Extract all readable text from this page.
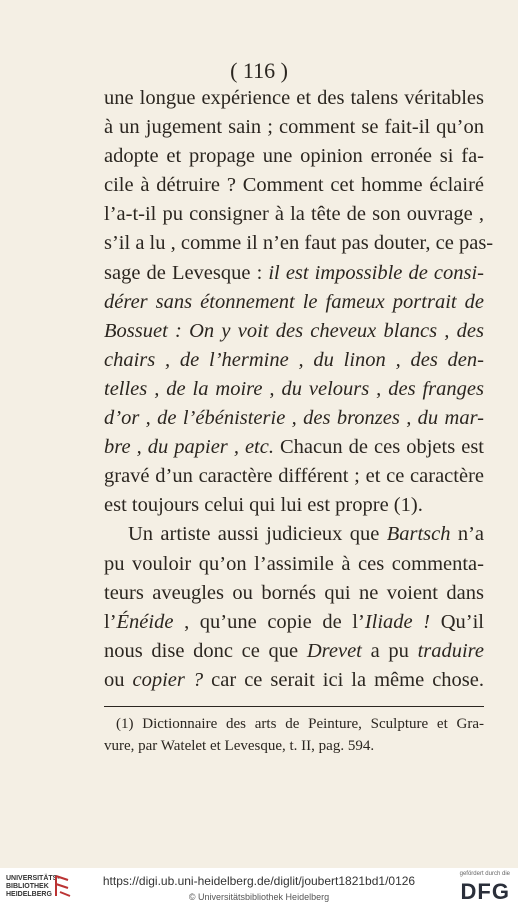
( 116 )
une longue expérience et des talens véritables
à un jugement sain ; comment se fait-il qu’on
adopte et propage une opinion erronée si fa-
cile à détruire ? Comment cet homme éclairé
l’a-t-il pu consigner à la tête de son ouvrage ,
s’il a lu , comme il n’en faut pas douter, ce pas-
sage de Levesque : il est impossible de consi-
dérer sans étonnement le fameux portrait de
Bossuet : On y voit des cheveux blancs , des
chairs , de l’hermine , du linon , des den-
telles , de la moire , du velours , des franges
d’or , de l’ébénisterie , des bronzes , du mar-
bre , du papier , etc. Chacun de ces objets est
gravé d’un caractère différent ; et ce caractère
est toujours celui qui lui est propre (1).
Un artiste aussi judicieux que Bartsch n’a
pu vouloir qu’on l’assimile à ces commenta-
teurs aveugles ou bornés qui ne voient dans
l’Énéide , qu’une copie de l’Iliade ! Qu’il
nous dise donc ce que Drevet a pu traduire
ou copier ? car ce serait ici la même chose.
(1) Dictionnaire des arts de Peinture, Sculpture et Gra-
vure, par Watelet et Levesque, t. II, pag. 594.
UNIVERSITÄTS-
BIBLIOTHEK
HEIDELBERG
https://digi.ub.uni-heidelberg.de/diglit/joubert1821bd1/0126
© Universitätsbibliothek Heidelberg
gefördert durch die
DFG
